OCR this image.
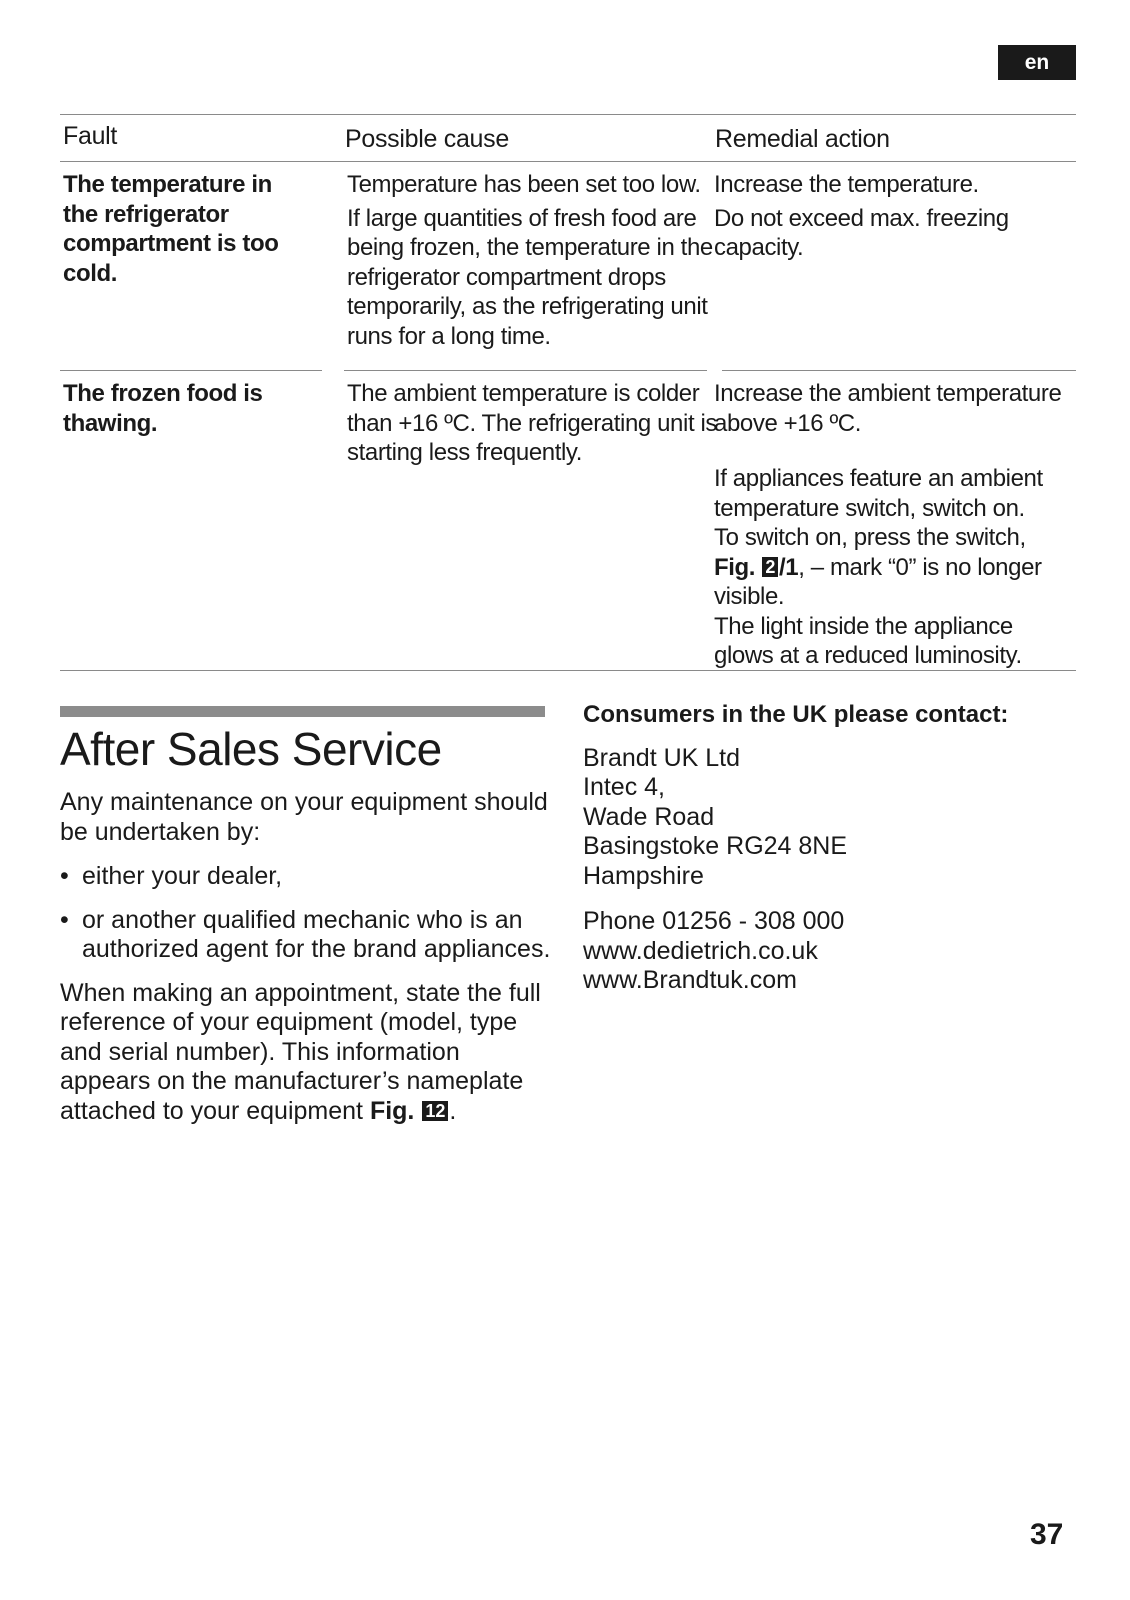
en
Fault	Possible cause	Remedial action
The temperature in the refrigerator compartment is too cold.

Temperature has been set too low.

If large quantities of fresh food are being frozen, the temperature in the refrigerator compartment drops temporarily, as the refrigerating unit runs for a long time.

Increase the temperature.

Do not exceed max. freezing capacity.

The frozen food is thawing.

The ambient temperature is colder than +16 ºC. The refrigerating unit is starting less frequently.

Increase the ambient temperature above +16 ºC.

If appliances feature an ambient temperature switch, switch on.
To switch on, press the switch,
Fig. 2 /1, – mark “0” is no longer visible.
The light inside the appliance glows at a reduced luminosity.
After Sales Service

Any maintenance on your equipment should be undertaken by:

• either your dealer,
• or another qualified mechanic who is an authorized agent for the brand appliances.

When making an appointment, state the full reference of your equipment (model, type and serial number). This information appears on the manufacturer’s nameplate attached to your equipment Fig. 12 .

Consumers in the UK please contact:

Brandt UK Ltd
Intec 4,
Wade Road
Basingstoke RG24 8NE
Hampshire
Phone 01256 - 308 000
www.dedietrich.co.uk
www.Brandtuk.com
37
